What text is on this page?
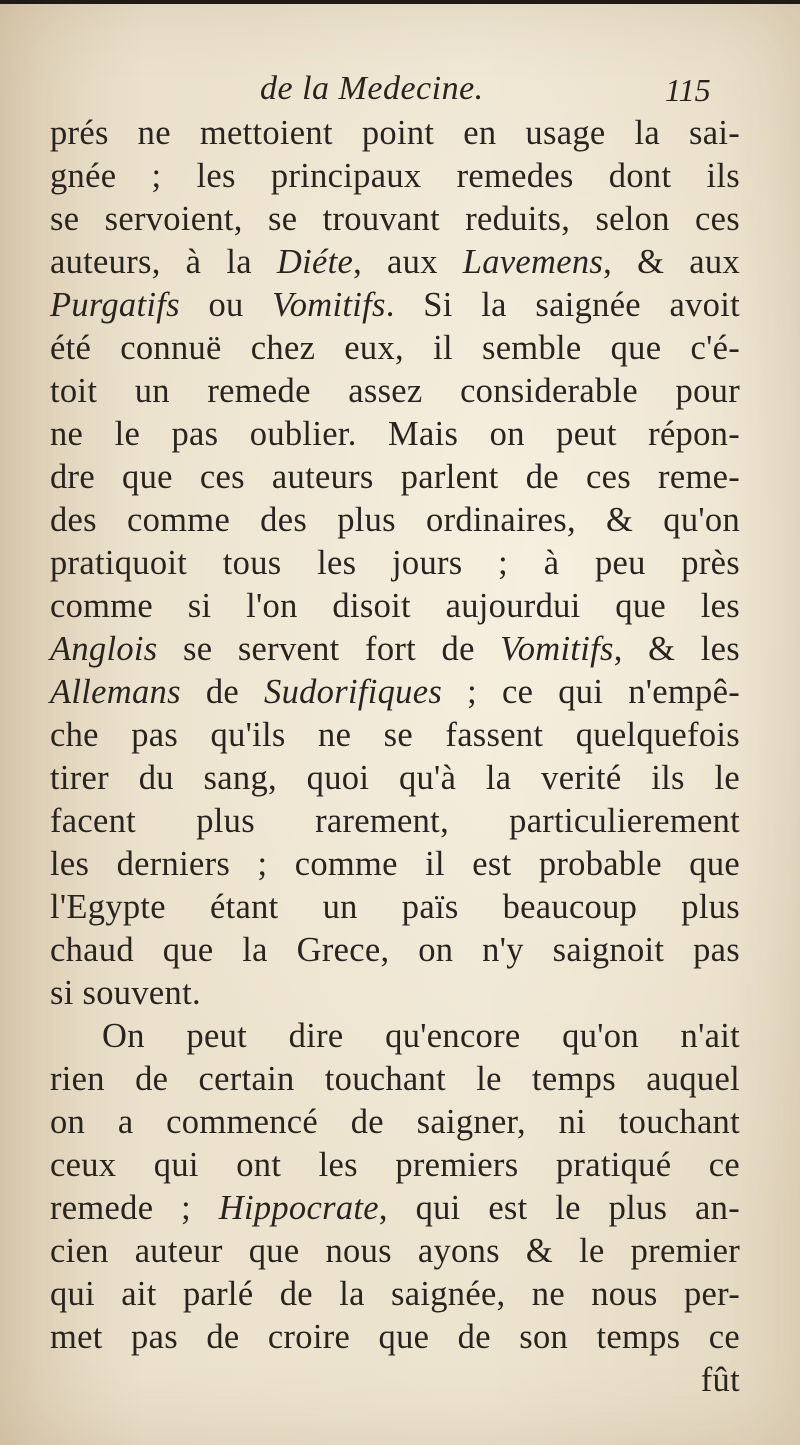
de la Medecine.	115
prés ne mettoient point en usage la sai-
gnée ; les principaux remedes dont ils
se servoient, se trouvant reduits, selon ces
auteurs, à la Diéte, aux Lavemens, & aux
Purgatifs ou Vomitifs. Si la saignée avoit
été connuë chez eux, il semble que c'é-
toit un remede assez considerable pour
ne le pas oublier. Mais on peut répon-
dre que ces auteurs parlent de ces reme-
des comme des plus ordinaires, & qu'on
pratiquoit tous les jours ; à peu près
comme si l'on disoit aujourdui que les
Anglois se servent fort de Vomitifs, & les
Allemans de Sudorifiques ; ce qui n'empê-
che pas qu'ils ne se fassent quelquefois
tirer du sang, quoi qu'à la verité ils le
facent plus rarement, particulierement
les derniers ; comme il est probable que
l'Egypte étant un païs beaucoup plus
chaud que la Grece, on n'y saignoit pas
si souvent.
On peut dire qu'encore qu'on n'ait
rien de certain touchant le temps auquel
on a commencé de saigner, ni touchant
ceux qui ont les premiers pratiqué ce
remede ; Hippocrate, qui est le plus an-
cien auteur que nous ayons & le premier
qui ait parlé de la saignée, ne nous per-
met pas de croire que de son temps ce
fût
